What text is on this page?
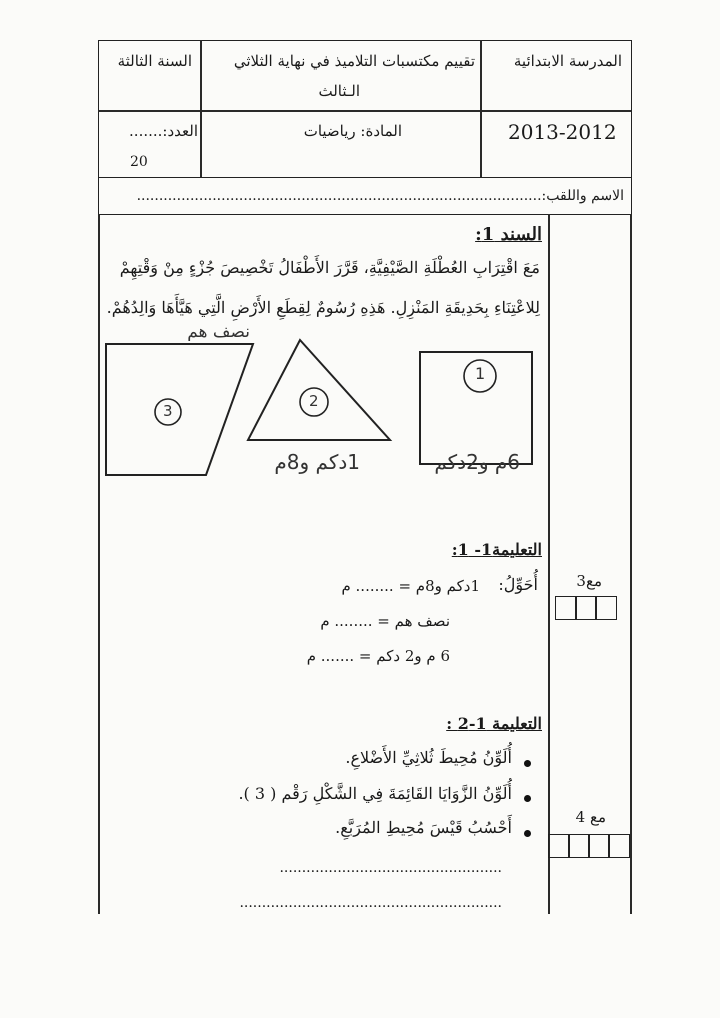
المدرسة الابتدائية
تقييم مكتسبات التلاميذ في نهاية الثلاثي
الـثالث
السنة الثالثة
2013-2012
المادة: رياضيات
العدد:.......
20
الاسم واللقب:...........................................................................................
السند 1:
مَعَ اقْتِرَابِ العُطْلَةِ الصَّيْفِيَّةِ، قَرَّرَ الأَطْفَالُ تَخْصِيصَ جُزْءٍ مِنْ وَقْتِهِمْ
لِلاعْتِنَاءِ بِحَدِيقَةِ المَنْزِلِ. هَذِهِ رُسُومٌ لِقِطَعِ الأَرْضِ الَّتِي هَيَّأَهَا وَالِدُهُمْ.
3
2
1
نصف هم
1دكم و8م	6م و2دكم
التعليمة1- 1:
أُحَوِّلُ:
1دكم و8م = ........ م
نصف هم = ........ م
6 م و2 دكم = ....... م
مع3
التعليمة 1-2 :
أُلَوِّنُ مُحِيطَ ثُلاثِيِّ الأَضْلاعِ.
أُلَوِّنُ الزَّوَايَا القَائِمَةَ فِي الشَّكْلِ رَقْم ( 3 ).
أَحْسُبُ قَيْسَ مُحِيطِ المُرَبَّعِ.
..................................................
...........................................................
مع 4
